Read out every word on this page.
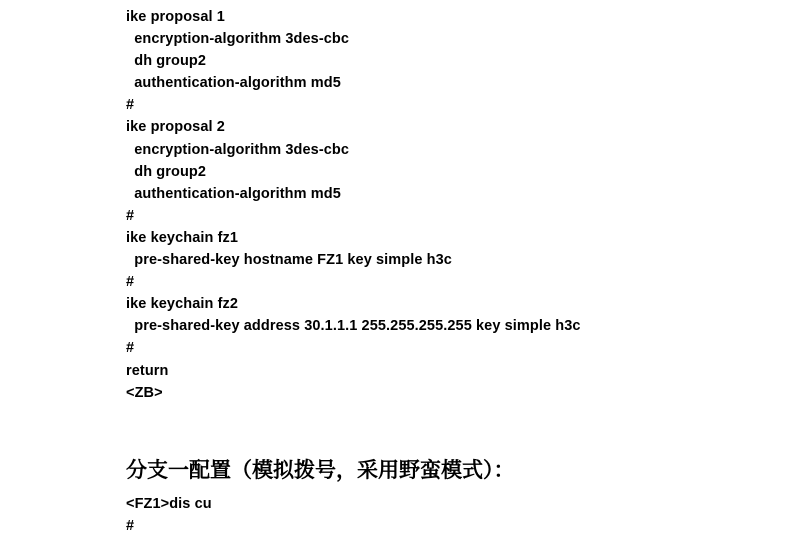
ike proposal 1
encryption-algorithm 3des-cbc
dh group2
authentication-algorithm md5
#
ike proposal 2
encryption-algorithm 3des-cbc
dh group2
authentication-algorithm md5
#
ike keychain fz1
pre-shared-key hostname FZ1 key simple h3c
#
ike keychain fz2
pre-shared-key address 30.1.1.1 255.255.255.255 key simple h3c
#
return
<ZB>
分支一配置（模拟拨号，采用野蛮模式）：
<FZ1>dis cu
#
